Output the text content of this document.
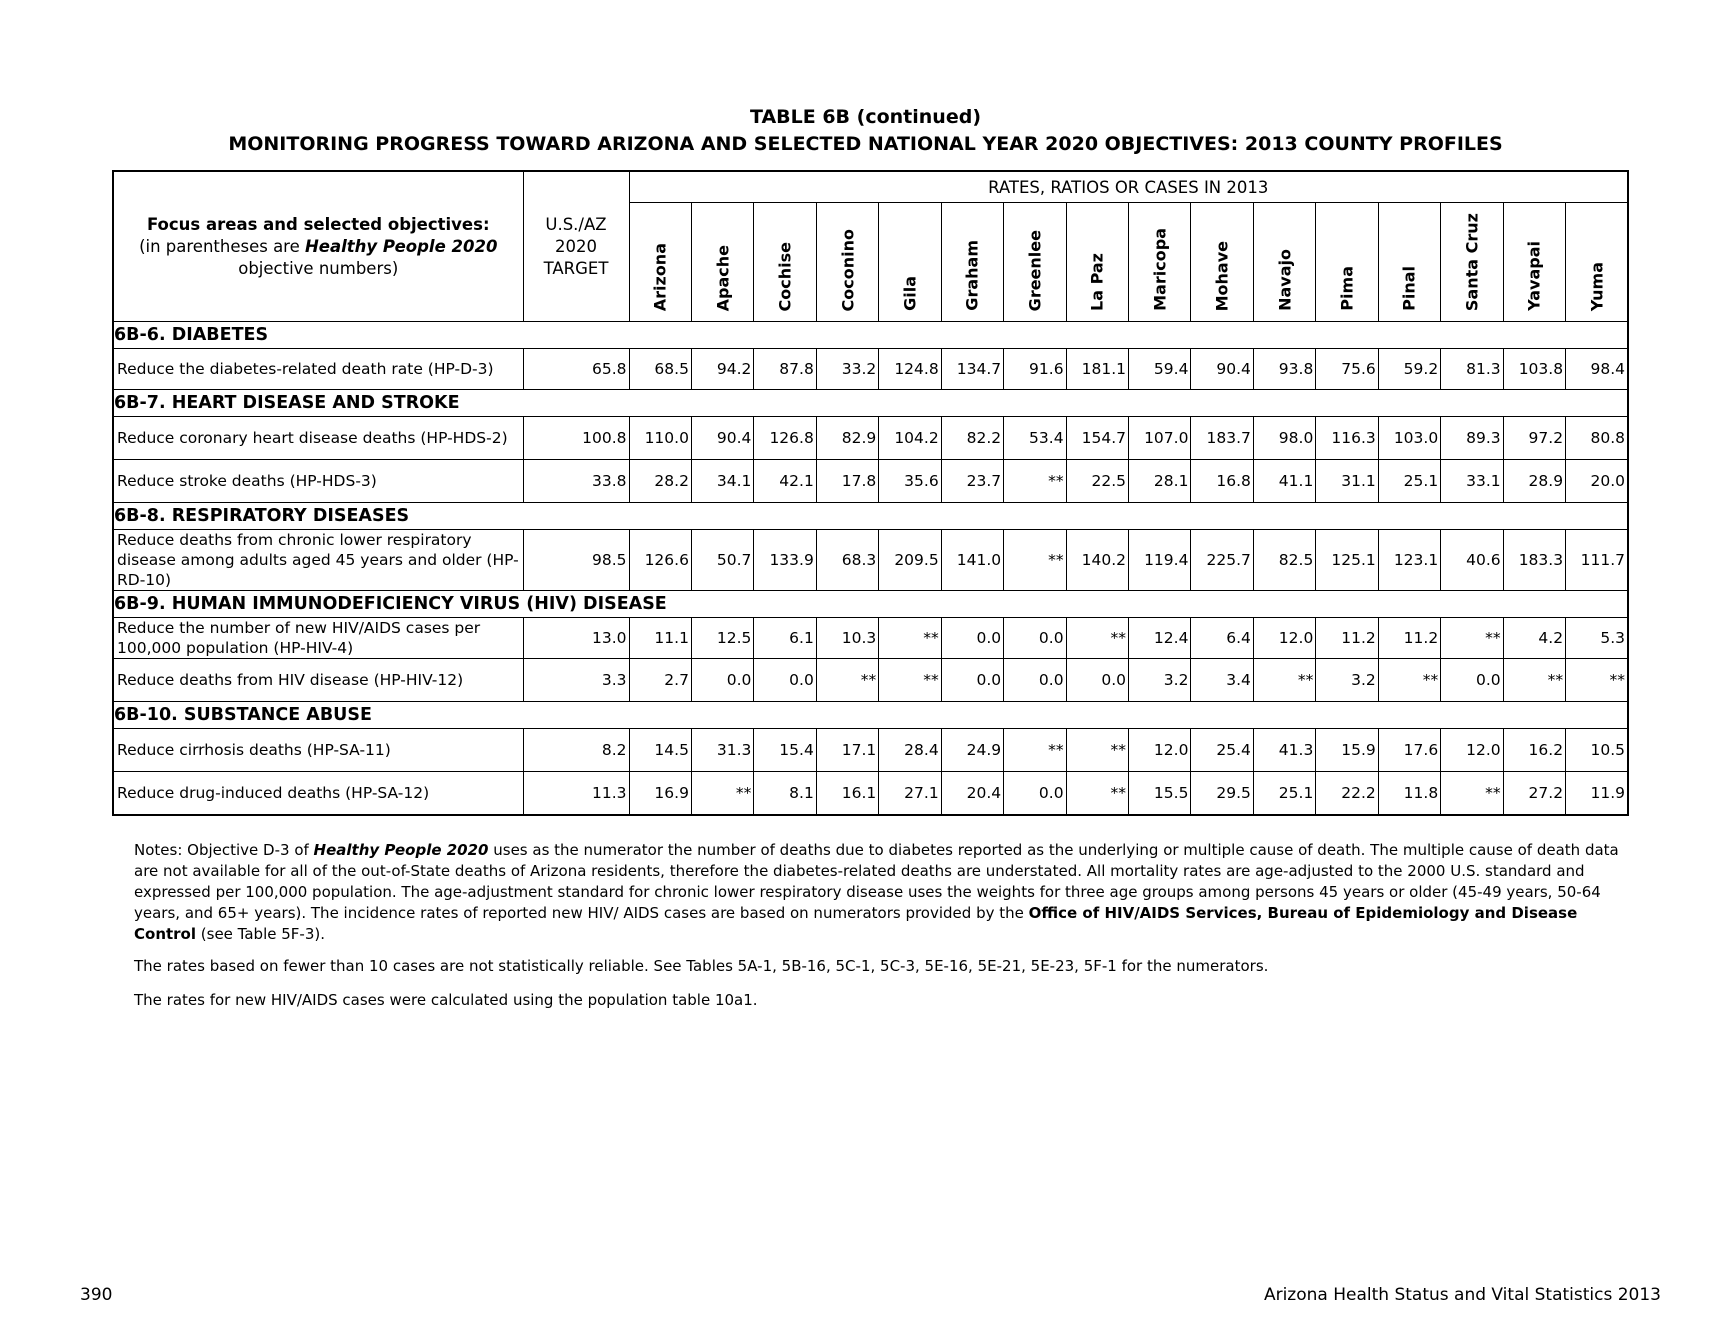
TABLE 6B (continued)
MONITORING PROGRESS TOWARD ARIZONA AND SELECTED NATIONAL YEAR 2020 OBJECTIVES: 2013 COUNTY PROFILES
Focus areas and selected objectives:
(in parentheses are Healthy People 2020
objective numbers)	U.S./AZ
2020
TARGET	RATES, RATIOS OR CASES IN 2013															

		Arizona	Apache	Cochise	Coconino	Gila	Graham	Greenlee	La Paz	Maricopa	Mohave	Navajo	Pima	Pinal	Santa Cruz	Yavapai	Yuma

6B-6. DIABETES																	
Reduce the diabetes-related death rate (HP-D-3)	65.8	68.5	94.2	87.8	33.2	124.8	134.7	91.6	181.1	59.4	90.4	93.8	75.6	59.2	81.3	103.8	98.4
6B-7. HEART DISEASE AND STROKE																	
Reduce coronary heart disease deaths (HP-HDS-2)	100.8	110.0	90.4	126.8	82.9	104.2	82.2	53.4	154.7	107.0	183.7	98.0	116.3	103.0	89.3	97.2	80.8
Reduce stroke deaths (HP-HDS-3)	33.8	28.2	34.1	42.1	17.8	35.6	23.7	**	22.5	28.1	16.8	41.1	31.1	25.1	33.1	28.9	20.0
6B-8. RESPIRATORY DISEASES																	
Reduce deaths from chronic lower respiratory disease among adults aged 45 years and older (HP-RD-10)	98.5	126.6	50.7	133.9	68.3	209.5	141.0	**	140.2	119.4	225.7	82.5	125.1	123.1	40.6	183.3	111.7
6B-9. HUMAN IMMUNODEFICIENCY VIRUS (HIV) DISEASE																	
Reduce the number of new HIV/AIDS cases per 100,000 population (HP-HIV-4)	13.0	11.1	12.5	6.1	10.3	**	0.0	0.0	**	12.4	6.4	12.0	11.2	11.2	**	4.2	5.3
Reduce deaths from HIV disease (HP-HIV-12)	3.3	2.7	0.0	0.0	**	**	0.0	0.0	0.0	3.2	3.4	**	3.2	**	0.0	**	**
6B-10. SUBSTANCE ABUSE																	
Reduce cirrhosis deaths (HP-SA-11)	8.2	14.5	31.3	15.4	17.1	28.4	24.9	**	**	12.0	25.4	41.3	15.9	17.6	12.0	16.2	10.5
Reduce drug-induced deaths (HP-SA-12)	11.3	16.9	**	8.1	16.1	27.1	20.4	0.0	**	15.5	29.5	25.1	22.2	11.8	**	27.2	11.9

Notes: Objective D-3 of Healthy People 2020 uses as the numerator the number of deaths due to diabetes reported as the underlying or multiple cause of death. The multiple cause of death data are not available for all of the out-of-State deaths of Arizona residents, therefore the diabetes-related deaths are understated. All mortality rates are age-adjusted to the 2000 U.S. standard and expressed per 100,000 population. The age-adjustment standard for chronic lower respiratory disease uses the weights for three age groups among persons 45 years or older (45-49 years, 50-64 years, and 65+ years). The incidence rates of reported new HIV/ AIDS cases are based on numerators provided by the Office of HIV/AIDS Services, Bureau of Epidemiology and Disease Control (see Table 5F-3).

The rates based on fewer than 10 cases are not statistically reliable. See Tables 5A-1, 5B-16, 5C-1, 5C-3, 5E-16, 5E-21, 5E-23, 5F-1 for the numerators.

The rates for new HIV/AIDS cases were calculated using the population table 10a1.

390	Arizona Health Status and Vital Statistics 2013
